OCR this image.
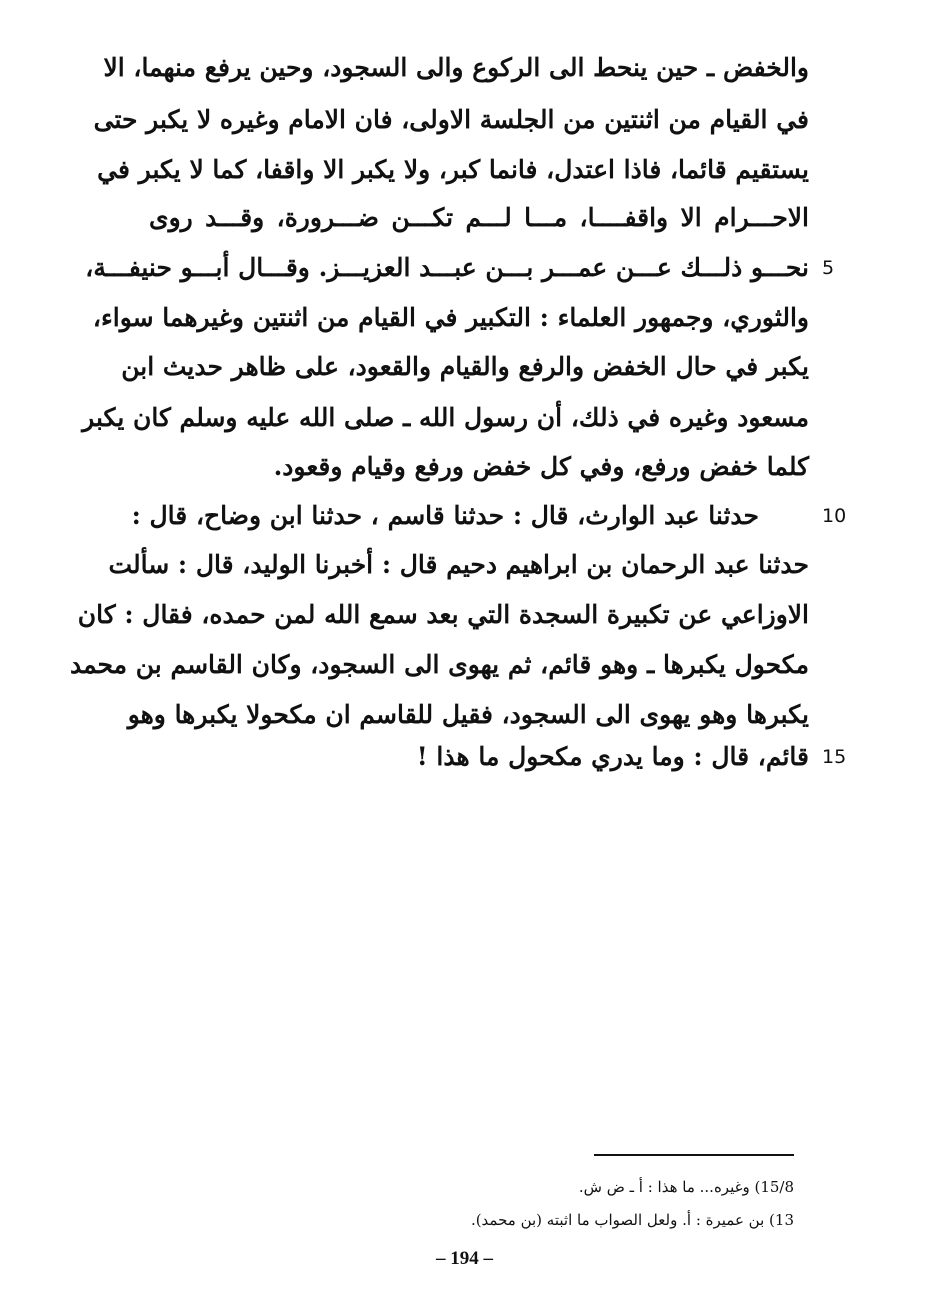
والخفض ـ حين ينحط الى الركوع والى السجود، وحين يرفع منهما، الا
في القيام من اثنتين من الجلسة الاولى، فان الامام وغيره لا يكبر حتى
يستقيم قائما، فاذا اعتدل، فانما كبر، ولا يكبر الا واقفا، كما لا يكبر في
الاحـــرام الا واقفــــا، مـــا لـــم تكـــن ضـــرورة، وقـــد روى
نحـــو ذلـــك عـــن عمـــر بـــن عبـــد العزيـــز. وقـــال أبـــو حنيفـــة،
والثوري، وجمهور العلماء : التكبير في القيام من اثنتين وغيرهما سواء،
يكبر في حال الخفض والرفع والقيام والقعود، على ظاهر حديث ابن
مسعود وغيره في ذلك، أن رسول الله ـ صلى الله عليه وسلم كان يكبر
كلما خفض ورفع، وفي كل خفض ورفع وقيام وقعود.
حدثنا عبد الوارث، قال : حدثنا قاسم ، حدثنا ابن وضاح، قال :
حدثنا عبد الرحمان بن ابراهيم دحيم قال : أخبرنا الوليد، قال : سألت
الاوزاعي عن تكبيرة السجدة التي بعد سمع الله لمن حمده، فقال : كان
مكحول يكبرها ـ وهو قائم، ثم يهوى الى السجود، وكان القاسم بن محمد
يكبرها وهو يهوى الى السجود، فقيل للقاسم ان مكحولا يكبرها وهو
قائم، قال : وما يدري مكحول ما هذا !
5
10
15
15/8) وغيره... ما هذا : أ ـ ض ش.
13) بن عميرة : أ. ولعل الصواب ما اثبته (بن محمد).
– 194 –
